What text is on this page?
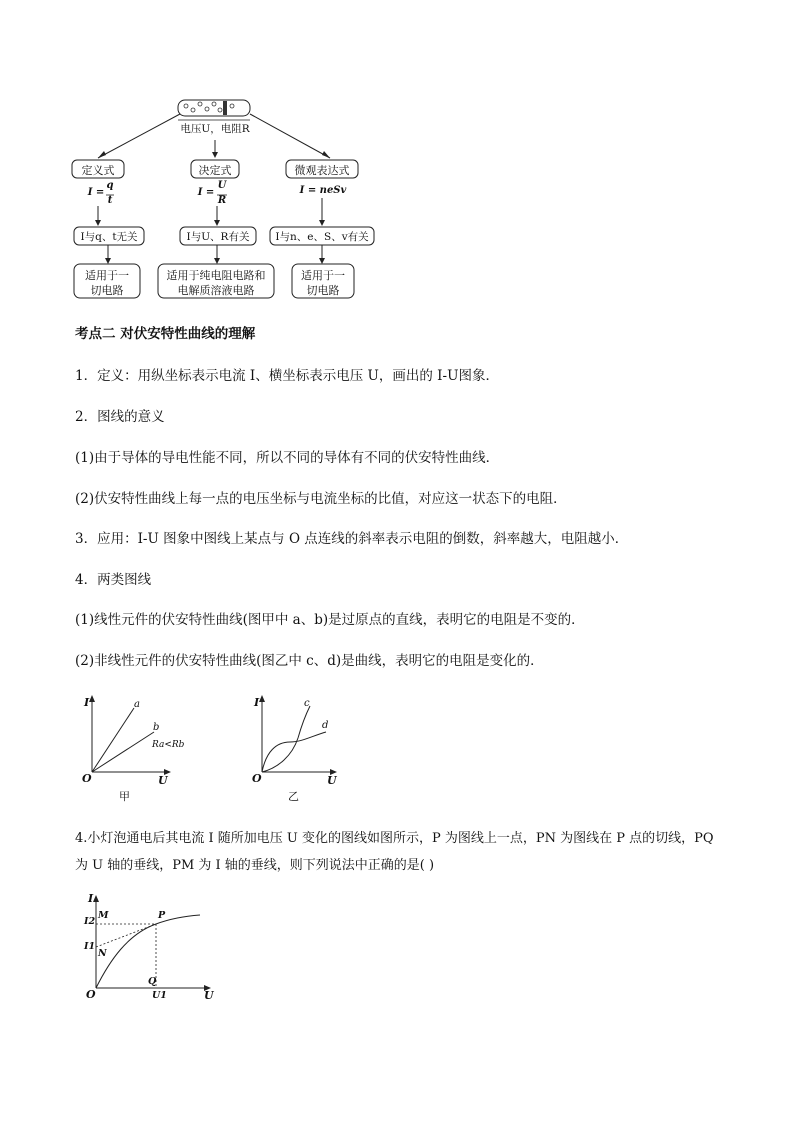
电压U，电阻R
定义式	决定式	微观表达式
I =
q
t
I =
U
R
I = neSv
I与q、t无关	I与U、R有关	I与n、e、S、v有关
适用于一
切电路
适用于纯电阻电路和
电解质溶液电路
适用于一
切电路
考点二 对伏安特性曲线的理解
1．定义：用纵坐标表示电流 I、横坐标表示电压 U，画出的 I-U图象．
2．图线的意义
(1)由于导体的导电性能不同，所以不同的导体有不同的伏安特性曲线．
(2)伏安特性曲线上每一点的电压坐标与电流坐标的比值，对应这一状态下的电阻．
3．应用：I-U 图象中图线上某点与 O 点连线的斜率表示电阻的倒数，斜率越大，电阻越小．
4．两类图线
(1)线性元件的伏安特性曲线(图甲中 a、b)是过原点的直线，表明它的电阻是不变的．
(2)非线性元件的伏安特性曲线(图乙中 c、d)是曲线，表明它的电阻是变化的．
I
U
O
a
b
Ra<Rb
甲
I
U
O
c
d
乙
4.小灯泡通电后其电流 I 随所加电压 U 变化的图线如图所示，P 为图线上一点，PN 为图线在 P 点的切线，PQ
为 U 轴的垂线，PM 为 I 轴的垂线，则下列说法中正确的是( )
I
U
O
I2
I1
M
N
P
Q
U1
